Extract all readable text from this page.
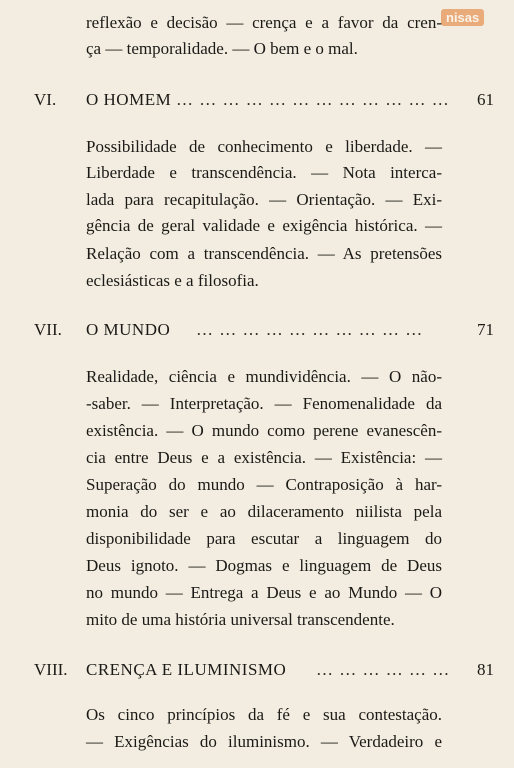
nisas
reflexão e decisão — crença e a favor da cren-
ça — temporalidade. — O bem e o mal.
VI. O HOMEM … … … … … … … … … … … … 61
Possibilidade de conhecimento e liberdade. —
Liberdade e transcendência. — Nota interca-
lada para recapitulação. — Orientação. — Exi-
gência de geral validade e exigência histórica. —
Relação com a transcendência. — As pretensões
eclesiásticas e a filosofia.
VII. O MUNDO … … … … … … … … … …	71
Realidade, ciência e mundividência. — O não-
-saber. — Interpretação. — Fenomenalidade da
existência. — O mundo como perene evanescên-
cia entre Deus e a existência. — Existência: —
Superação do mundo — Contraposição à har-
monia do ser e ao dilaceramento niilista pela
disponibilidade para escutar a linguagem do
Deus ignoto. — Dogmas e linguagem de Deus
no mundo — Entrega a Deus e ao Mundo — O
mito de uma história universal transcendente.
VIII. CRENÇA E ILUMINISMO … … … … … … 81
Os cinco princípios da fé e sua contestação.
— Exigências do iluminismo. — Verdadeiro e
